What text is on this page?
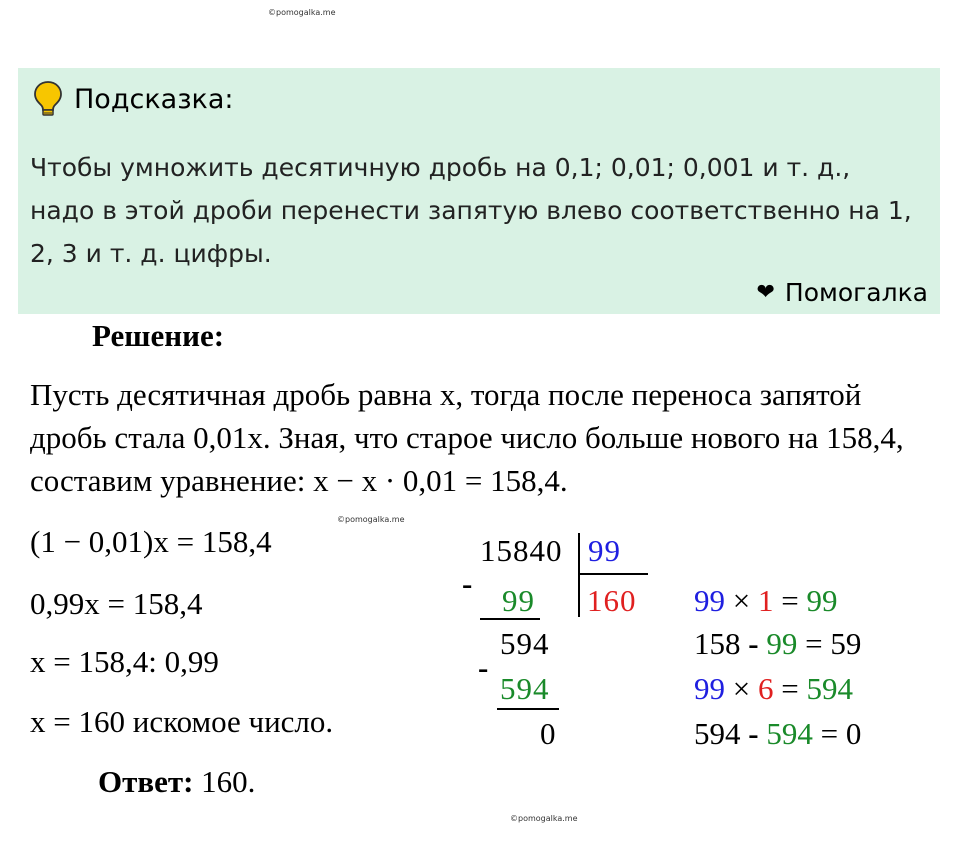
©pomogalka.me
Подсказка:
Чтобы умножить десятичную дробь на 0,1; 0,01; 0,001 и т. д., надо в этой дроби перенести запятую влево соответственно на 1, 2, 3 и т. д. цифры.
❤ Помогалка
Решение:
Пусть десятичная дробь равна x, тогда после переноса запятой дробь стала 0,01x. Зная, что старое число больше нового на 158,4, составим уравнение: x − x · 0,01 = 158,4.
©pomogalka.me
(1 − 0,01)x = 158,4
0,99x = 158,4
x = 158,4: 0,99
x = 160 искомое число.
Ответ: 160.
15840 99
160
- 99
594
-
594
0
99 × 1 = 99
158 - 99 = 59
99 × 6 = 594
594 - 594 = 0
©pomogalka.me
